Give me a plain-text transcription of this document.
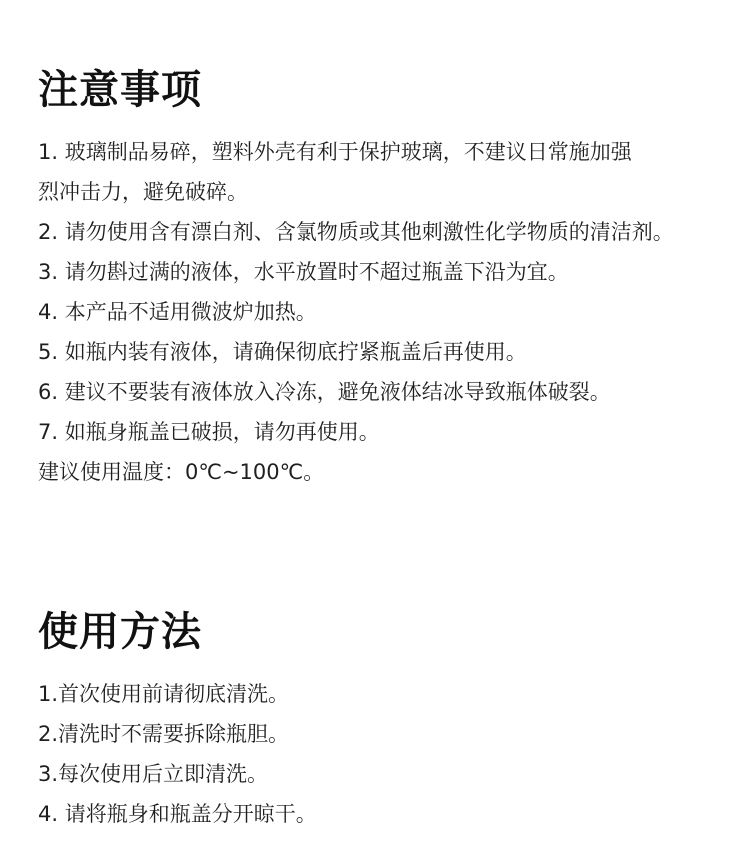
注意事项
1. 玻璃制品易碎，塑料外壳有利于保护玻璃，不建议日常施加强
烈冲击力，避免破碎。
2. 请勿使用含有漂白剂、含氯物质或其他刺激性化学物质的清洁剂。
3. 请勿斟过满的液体，水平放置时不超过瓶盖下沿为宜。
4. 本产品不适用微波炉加热。
5. 如瓶内装有液体，请确保彻底拧紧瓶盖后再使用。
6. 建议不要装有液体放入冷冻，避免液体结冰导致瓶体破裂。
7. 如瓶身瓶盖已破损，请勿再使用。
建议使用温度：0℃~100℃。
使用方法
1.首次使用前请彻底清洗。
2.清洗时不需要拆除瓶胆。
3.每次使用后立即清洗。
4. 请将瓶身和瓶盖分开晾干。
